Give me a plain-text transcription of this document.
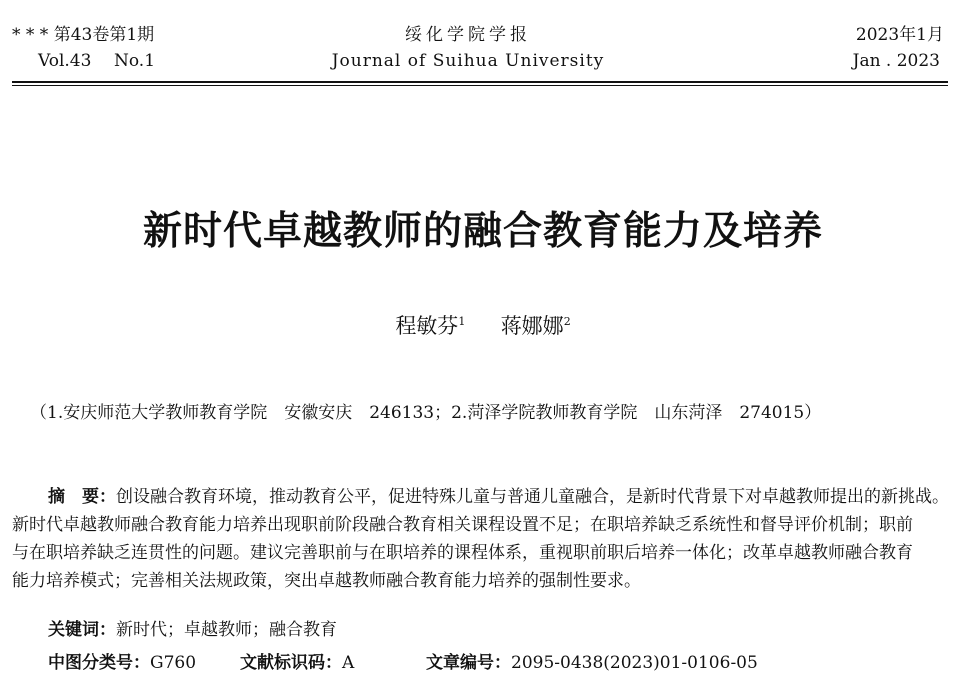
* * * 第43卷第1期
Vol.43 No.1
绥化学院学报
Journal of Suihua University
2023年1月
Jan . 2023
新时代卓越教师的融合教育能力及培养
程敏芬$^1$ 蒋娜娜$^2$
（1.安庆师范大学教师教育学院　安徽安庆　246133；2.菏泽学院教师教育学院　山东菏泽　274015）
摘　要：创设融合教育环境，推动教育公平，促进特殊儿童与普通儿童融合，是新时代背景下对卓越教师提出的新挑战。
新时代卓越教师融合教育能力培养出现职前阶段融合教育相关课程设置不足；在职培养缺乏系统性和督导评价机制；职前
与在职培养缺乏连贯性的问题。建议完善职前与在职培养的课程体系，重视职前职后培养一体化；改革卓越教师融合教育
能力培养模式；完善相关法规政策，突出卓越教师融合教育能力培养的强制性要求。
关键词：新时代；卓越教师；融合教育
中图分类号：G760	文献标识码：A	文章编号：2095-0438(2023)01-0106-05
